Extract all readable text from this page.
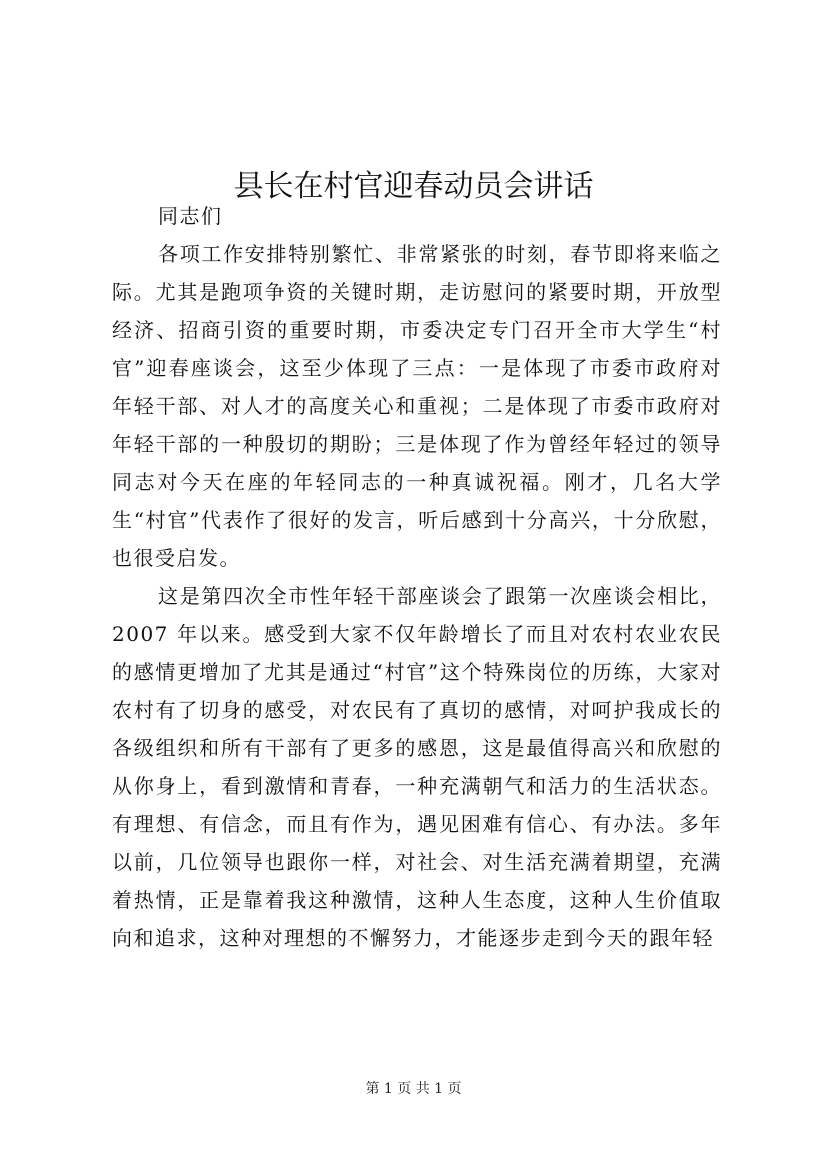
县长在村官迎春动员会讲话

同志们

各项工作安排特别繁忙、非常紧张的时刻，春节即将来临之际。尤其是跑项争资的关键时期，走访慰问的紧要时期，开放型经济、招商引资的重要时期，市委决定专门召开全市大学生“村官”迎春座谈会，这至少体现了三点：一是体现了市委市政府对年轻干部、对人才的高度关心和重视；二是体现了市委市政府对年轻干部的一种殷切的期盼；三是体现了作为曾经年轻过的领导同志对今天在座的年轻同志的一种真诚祝福。刚才，几名大学生“村官”代表作了很好的发言，听后感到十分高兴，十分欣慰，也很受启发。

这是第四次全市性年轻干部座谈会了跟第一次座谈会相比，2007 年以来。感受到大家不仅年龄增长了而且对农村农业农民的感情更增加了尤其是通过“村官”这个特殊岗位的历练，大家对农村有了切身的感受，对农民有了真切的感情，对呵护我成长的各级组织和所有干部有了更多的感恩，这是最值得高兴和欣慰的从你身上，看到激情和青春，一种充满朝气和活力的生活状态。有理想、有信念，而且有作为，遇见困难有信心、有办法。多年以前，几位领导也跟你一样，对社会、对生活充满着期望，充满着热情，正是靠着我这种激情，这种人生态度，这种人生价值取向和追求，这种对理想的不懈努力，才能逐步走到今天的跟年轻

第 1 页 共 1 页
